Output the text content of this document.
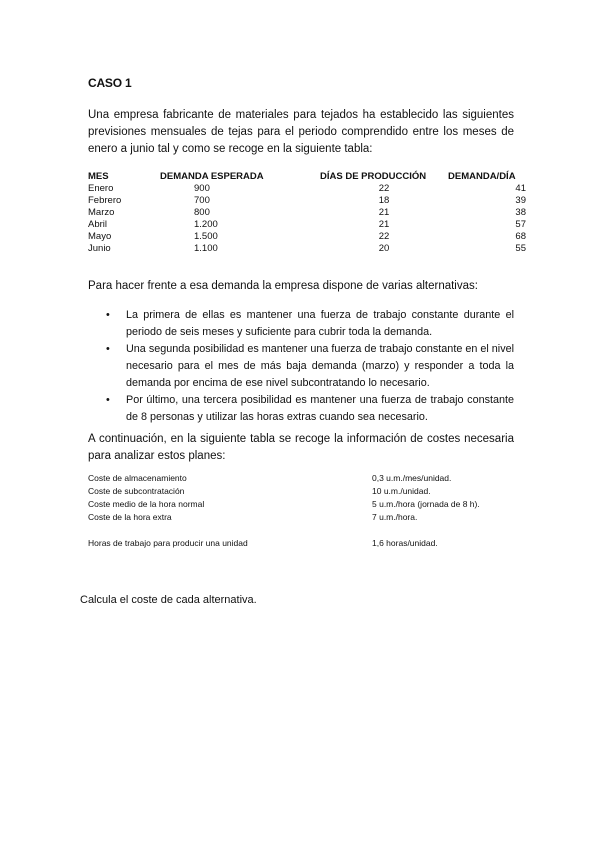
CASO 1
Una empresa fabricante de materiales para tejados ha establecido las siguientes previsiones mensuales de tejas para el periodo comprendido entre los meses de enero a junio tal y como se recoge en la siguiente tabla:
MES	DEMANDA ESPERADA	DÍAS DE PRODUCCIÓN	DEMANDA/DÍA
Enero	900	22	41
Febrero	700	18	39
Marzo	800	21	38
Abril	1.200	21	57
Mayo	1.500	22	68
Junio	1.100	20	55
Para hacer frente a esa demanda la empresa dispone de varias alternativas:
• La primera de ellas es mantener una fuerza de trabajo constante durante el periodo de seis meses y suficiente para cubrir toda la demanda.
• Una segunda posibilidad es mantener una fuerza de trabajo constante en el nivel necesario para el mes de más baja demanda (marzo) y responder a toda la demanda por encima de ese nivel subcontratando lo necesario.
• Por último, una tercera posibilidad es mantener una fuerza de trabajo constante de 8 personas y utilizar las horas extras cuando sea necesario.
A continuación, en la siguiente tabla se recoge la información de costes necesaria para analizar estos planes:
Coste de almacenamiento	0,3 u.m./mes/unidad.
Coste de subcontratación	10 u.m./unidad.
Coste medio de la hora normal	5 u.m./hora (jornada de 8 h).
Coste de la hora extra	7 u.m./hora.

Horas de trabajo para producir una unidad	1,6 horas/unidad.
Calcula el coste de cada alternativa.
